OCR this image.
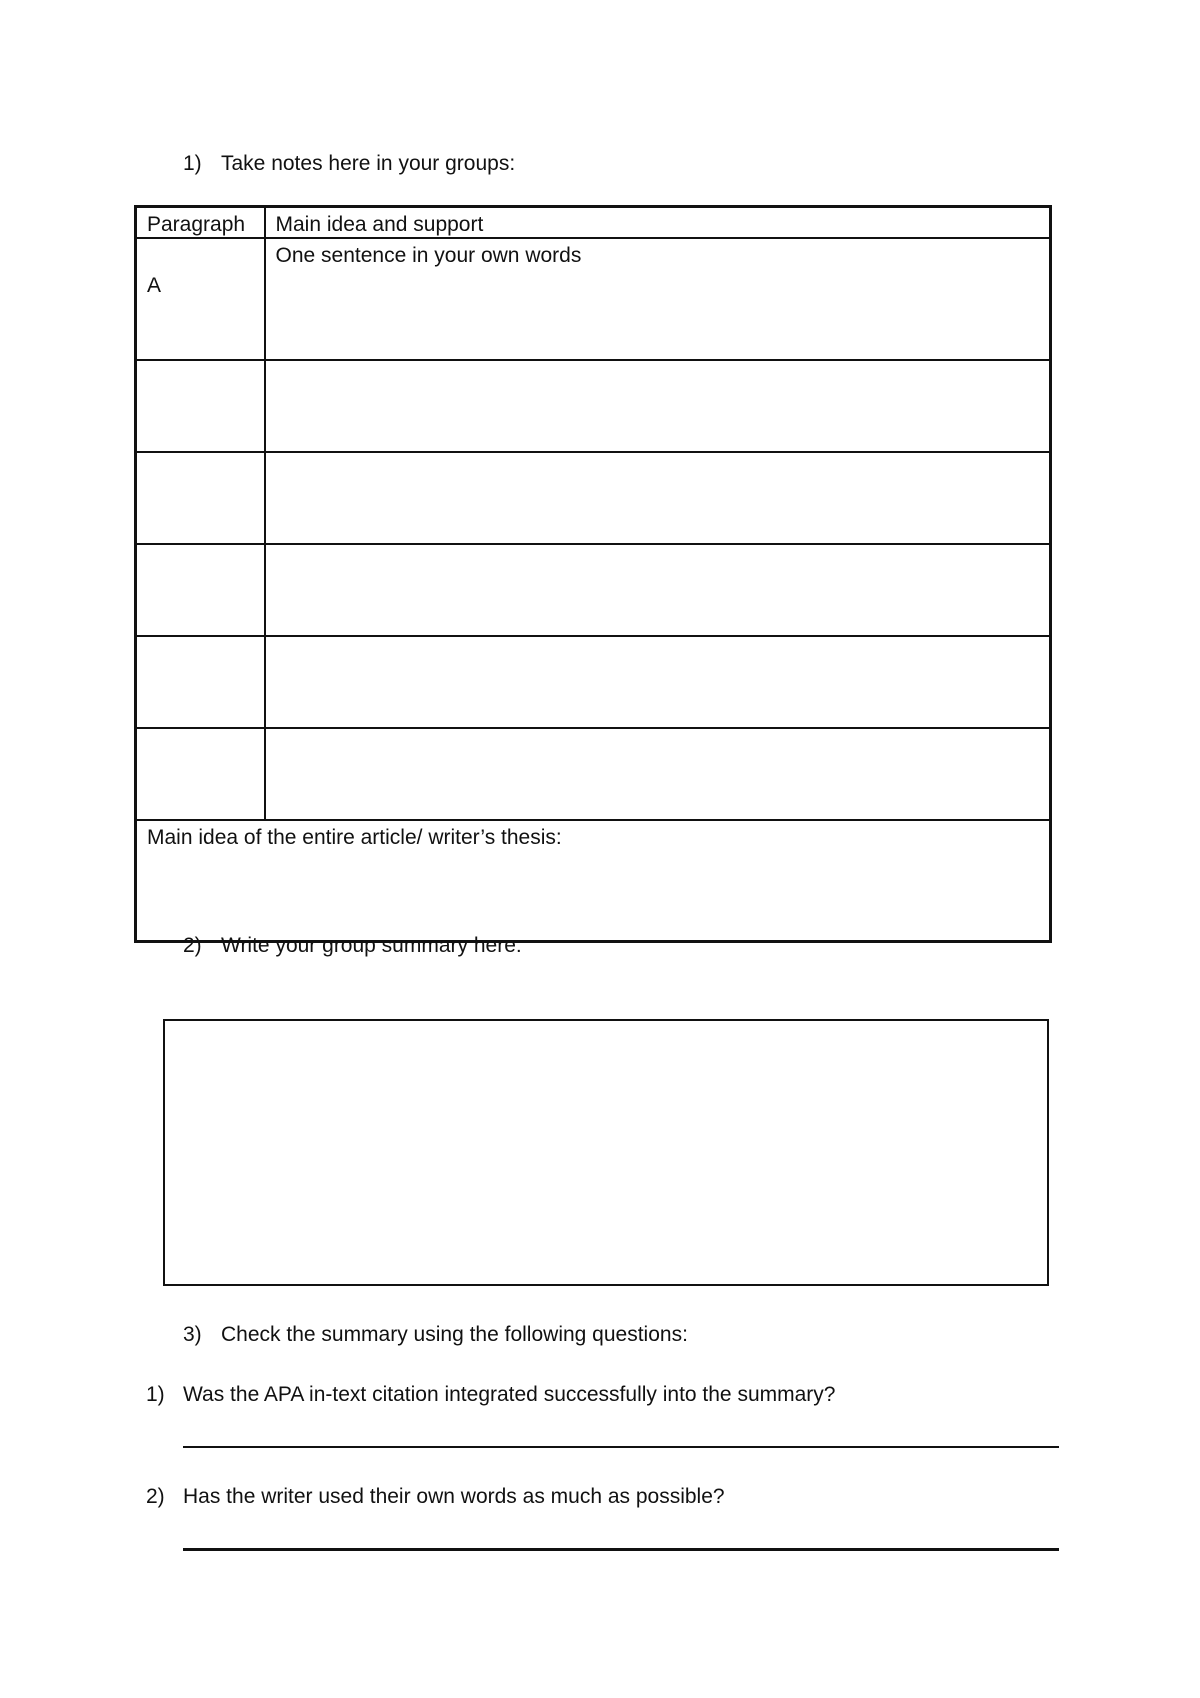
1) Take notes here in your groups:
Paragraph	Main idea and support
A	One sentence in your own words

Main idea of the entire article/ writer’s thesis:	
2) Write your group summary here:
3) Check the summary using the following questions:
1) Was the APA in-text citation integrated successfully into the summary?
2) Has the writer used their own words as much as possible?
